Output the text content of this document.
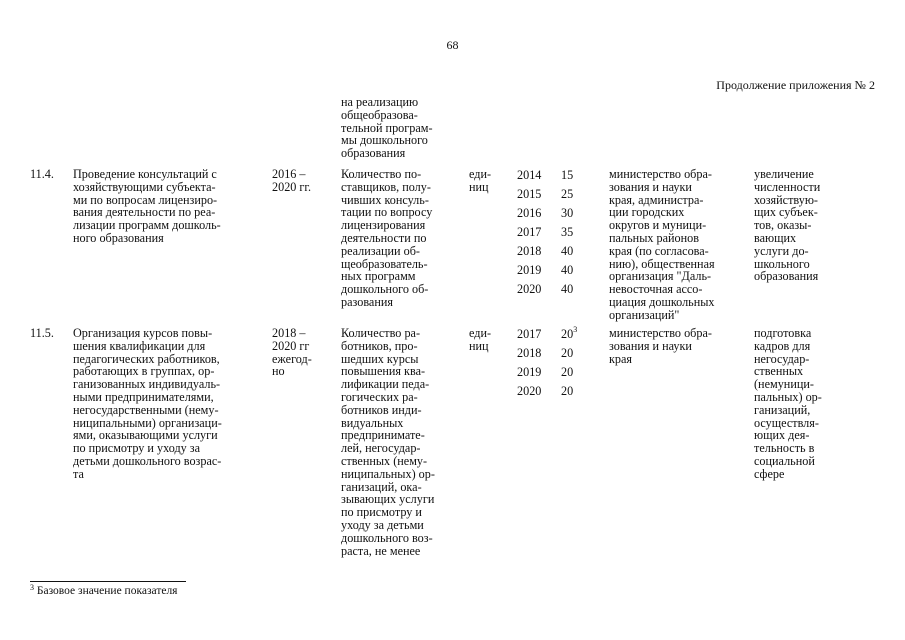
68
Продолжение приложения № 2
на реализацию
общеобразова-
тельной програм-
мы дошкольного
образования
11.4. Проведение консультаций с
хозяйствующими субъекта-
ми по вопросам лицензиро-
вания деятельности по реа-
лизации программ дошколь-
ного образования
2016 –
2020 гг.
Количество по-
ставщиков, полу-
чивших консуль-
тации по вопросу
лицензирования
деятельности по
реализации об-
щеобразователь-
ных программ
дошкольного об-
разования
еди-
ниц
2014 15
2015 25
2016 30
2017 35
2018 40
2019 40
2020 40
министерство обра-
зования и науки
края, администра-
ции городских
округов и муници-
пальных районов
края (по согласова-
нию), общественная
организация "Даль-
невосточная ассо-
циация дошкольных
организаций"
увеличение
численности
хозяйствую-
щих субъек-
тов, оказы-
вающих
услуги до-
школьного
образования
11.5. Организация курсов повы-
шения квалификации для
педагогических работников,
работающих в группах, ор-
ганизованных индивидуаль-
ными предпринимателями,
негосударственными (нему-
ниципальными) организаци-
ями, оказывающими услуги
по присмотру и уходу за
детьми дошкольного возрас-
та
2018 –
2020 гг
ежегод-
но
Количество ра-
ботников, про-
шедших курсы
повышения ква-
лификации педа-
гогических ра-
ботников инди-
видуальных
предпринимате-
лей, негосудар-
ственных (нему-
ниципальных) ор-
ганизаций, ока-
зывающих услуги
по присмотру и
уходу за детьми
дошкольного воз-
раста, не менее
еди-
ниц
2017 $20^3$
2018 20
2019 20
2020 20
министерство обра-
зования и науки
края
подготовка
кадров для
негосудар-
ственных
(немуници-
пальных) ор-
ганизаций,
осуществля-
ющих дея-
тельность в
социальной
сфере
$^3$ Базовое значение показателя
